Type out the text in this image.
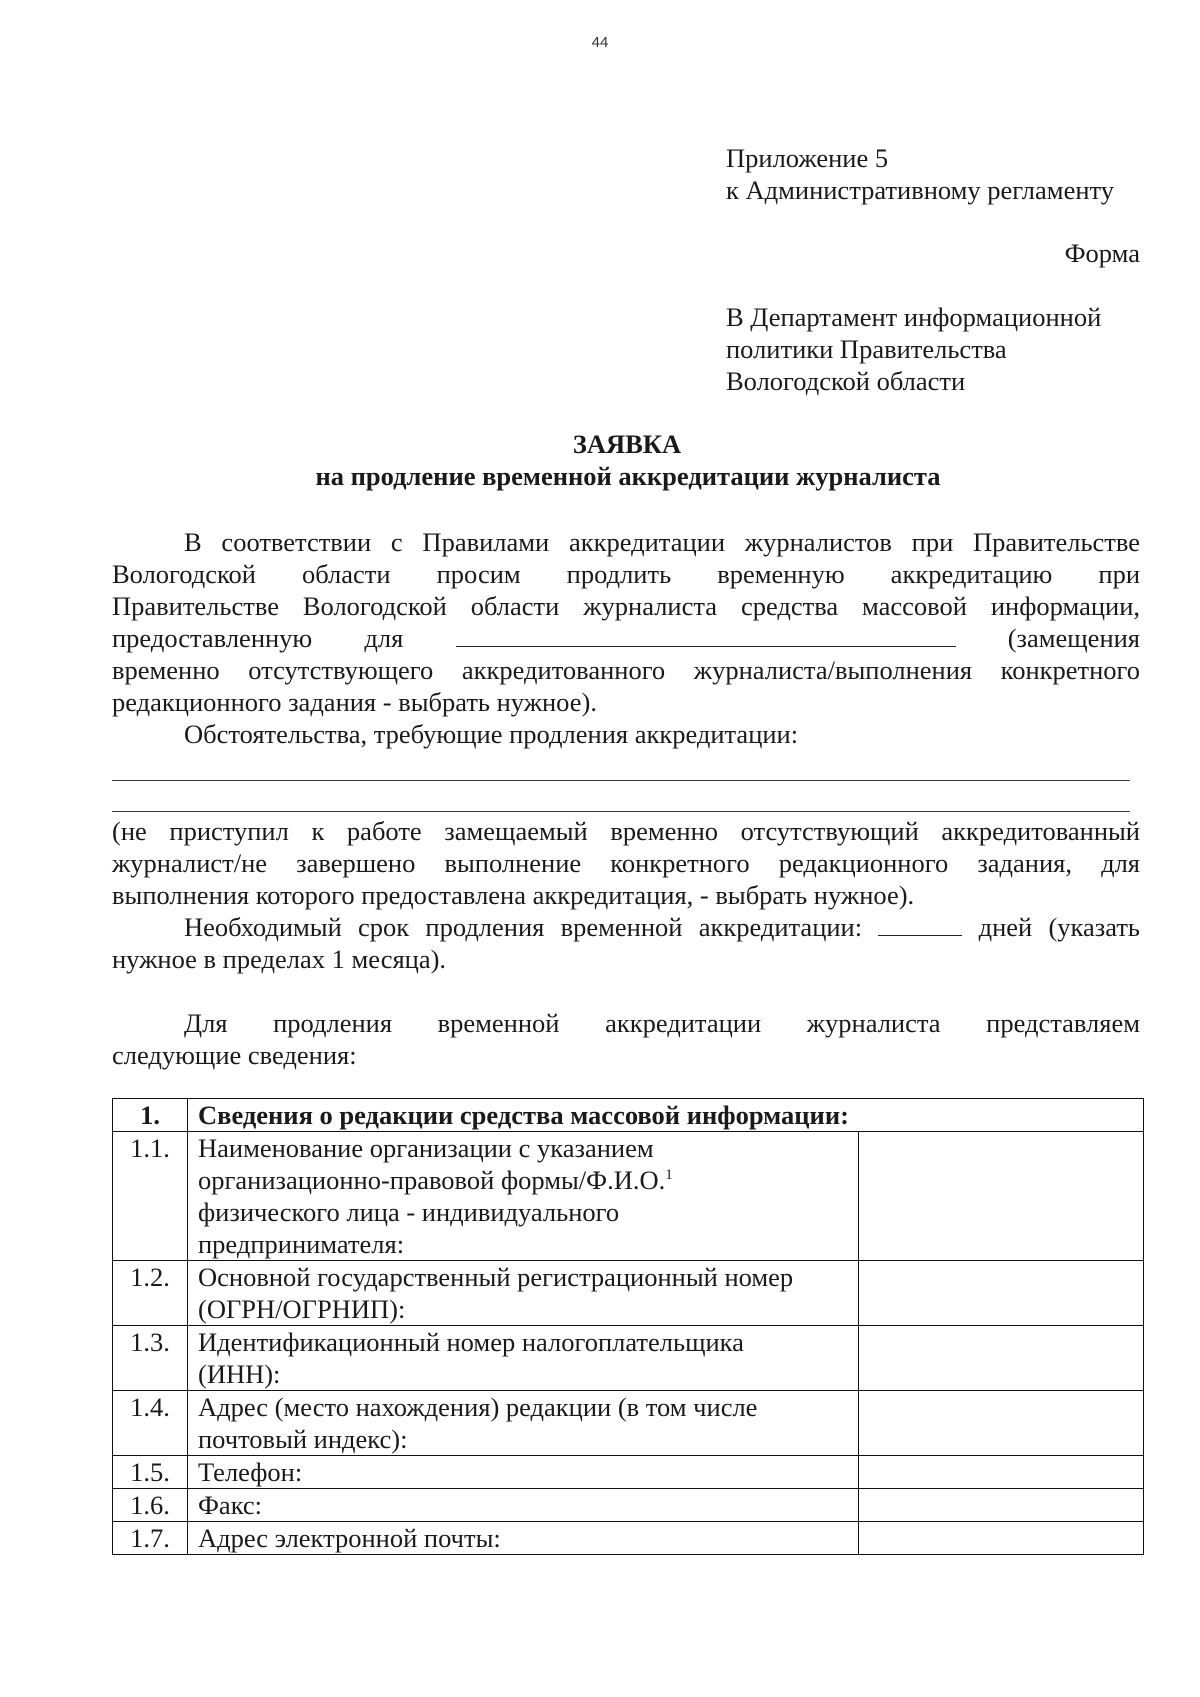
44
Приложение 5
к Административному регламенту
Форма
В Департамент информационной
политики Правительства
Вологодской области
ЗАЯВКА
на продление временной аккредитации журналиста
В соответствии с Правилами аккредитации журналистов при Правительстве
Вологодской области просим продлить временную аккредитацию при
Правительстве Вологодской области журналиста средства массовой информации,
предоставленную для	(замещения
временно отсутствующего аккредитованного журналиста/выполнения конкретного
редакционного задания - выбрать нужное).
Обстоятельства, требующие продления аккредитации:
(не приступил к работе замещаемый временно отсутствующий аккредитованный
журналист/не завершено выполнение конкретного редакционного задания, для
выполнения которого предоставлена аккредитация, - выбрать нужное).
Необходимый срок продления временной аккредитации:	дней (указать
нужное в пределах 1 месяца).
Для продления временной аккредитации журналиста представляем
следующие сведения:
1.	Сведения о редакции средства массовой информации:	
1.1.	Наименование организации с указанием
организационно-правовой формы/Ф.И.О.$^1$
физического лица - индивидуального
предпринимателя:	

1.2.	Основной государственный регистрационный номер
(ОГРН/ОГРНИП):	

1.3.	Идентификационный номер налогоплательщика
(ИНН):	

1.4.	Адрес (место нахождения) редакции (в том числе
почтовый индекс):	

1.5.	Телефон:	
1.6.	Факс:	
1.7.	Адрес электронной почты:	
